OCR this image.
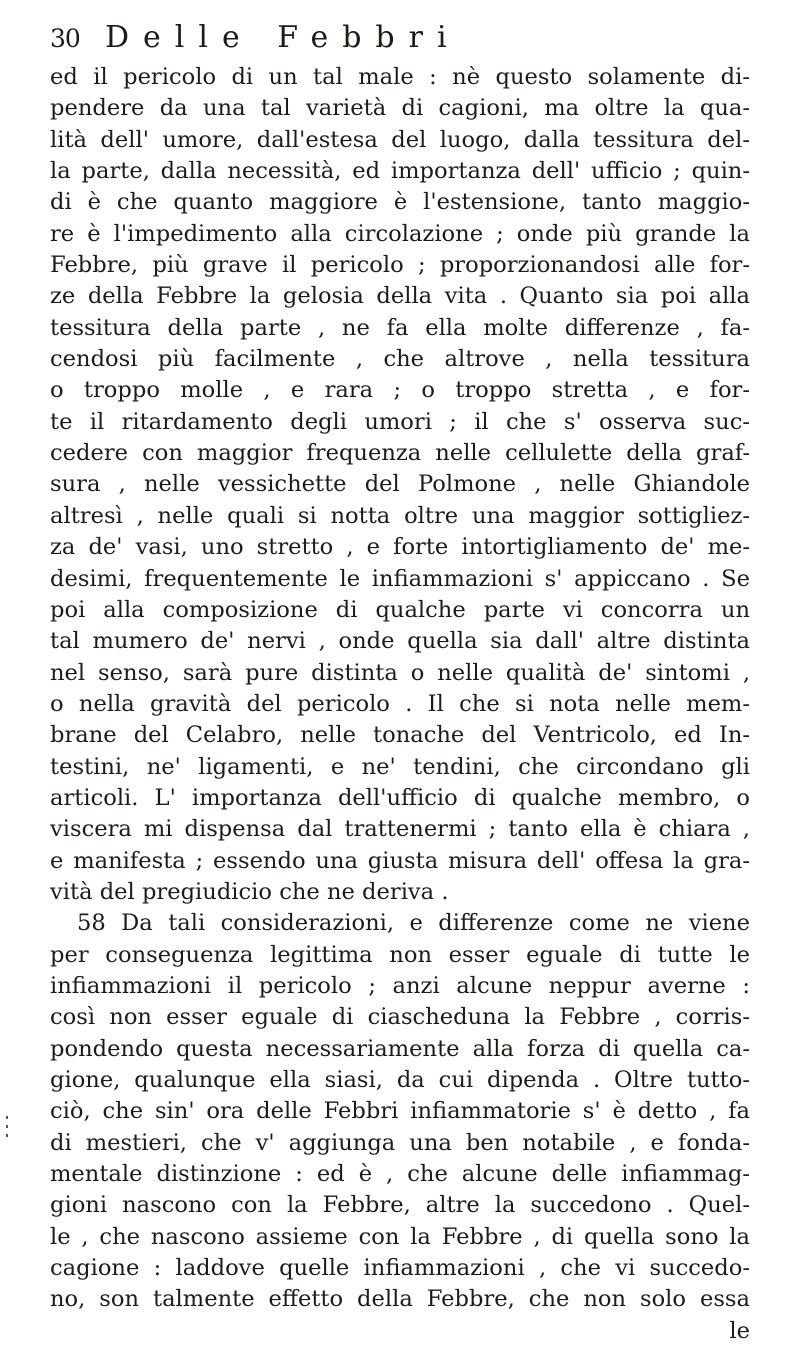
30 Delle Febbri
ed il pericolo di un tal male : nè questo solamente di-
pendere da una tal varietà di cagioni, ma oltre la qua-
lità dell' umore, dall'estesa del luogo, dalla tessitura del-
la parte, dalla necessità, ed importanza dell' ufficio ; quin-
di è che quanto maggiore è l'estensione, tanto maggio-
re è l'impedimento alla circolazione ; onde più grande la
Febbre, più grave il pericolo ; proporzionandosi alle for-
ze della Febbre la gelosia della vita . Quanto sia poi alla
tessitura della parte , ne fa ella molte differenze , fa-
cendosi più facilmente , che altrove , nella tessitura
o troppo molle , e rara ; o troppo stretta , e for-
te il ritardamento degli umori ; il che s' osserva suc-
cedere con maggior frequenza nelle cellulette della graf-
sura , nelle vessichette del Polmone , nelle Ghiandole
altresì , nelle quali si notta oltre una maggior sottigliez-
za de' vasi, uno stretto , e forte intortigliamento de' me-
desimi, frequentemente le infiammazioni s' appiccano . Se
poi alla composizione di qualche parte vi concorra un
tal mumero de' nervi , onde quella sia dall' altre distinta
nel senso, sarà pure distinta o nelle qualità de' sintomi ,
o nella gravità del pericolo . Il che si nota nelle mem-
brane del Celabro, nelle tonache del Ventricolo, ed In-
testini, ne' ligamenti, e ne' tendini, che circondano gli
articoli. L' importanza dell'ufficio di qualche membro, o
viscera mi dispensa dal trattenermi ; tanto ella è chiara ,
e manifesta ; essendo una giusta misura dell' offesa la gra-
vità del pregiudicio che ne deriva .
58 Da tali considerazioni, e differenze come ne viene
per conseguenza legittima non esser eguale di tutte le
infiammazioni il pericolo ; anzi alcune neppur averne :
così non esser eguale di ciascheduna la Febbre , corris-
pondendo questa necessariamente alla forza di quella ca-
gione, qualunque ella siasi, da cui dipenda . Oltre tutto-
ciò, che sin' ora delle Febbri infiammatorie s' è detto , fa
di mestieri, che v' aggiunga una ben notabile , e fonda-
mentale distinzione : ed è , che alcune delle infiammag-
gioni nascono con la Febbre, altre la succedono . Quel-
le , che nascono assieme con la Febbre , di quella sono la
cagione : laddove quelle infiammazioni , che vi succedo-
no, son talmente effetto della Febbre, che non solo essa
le
